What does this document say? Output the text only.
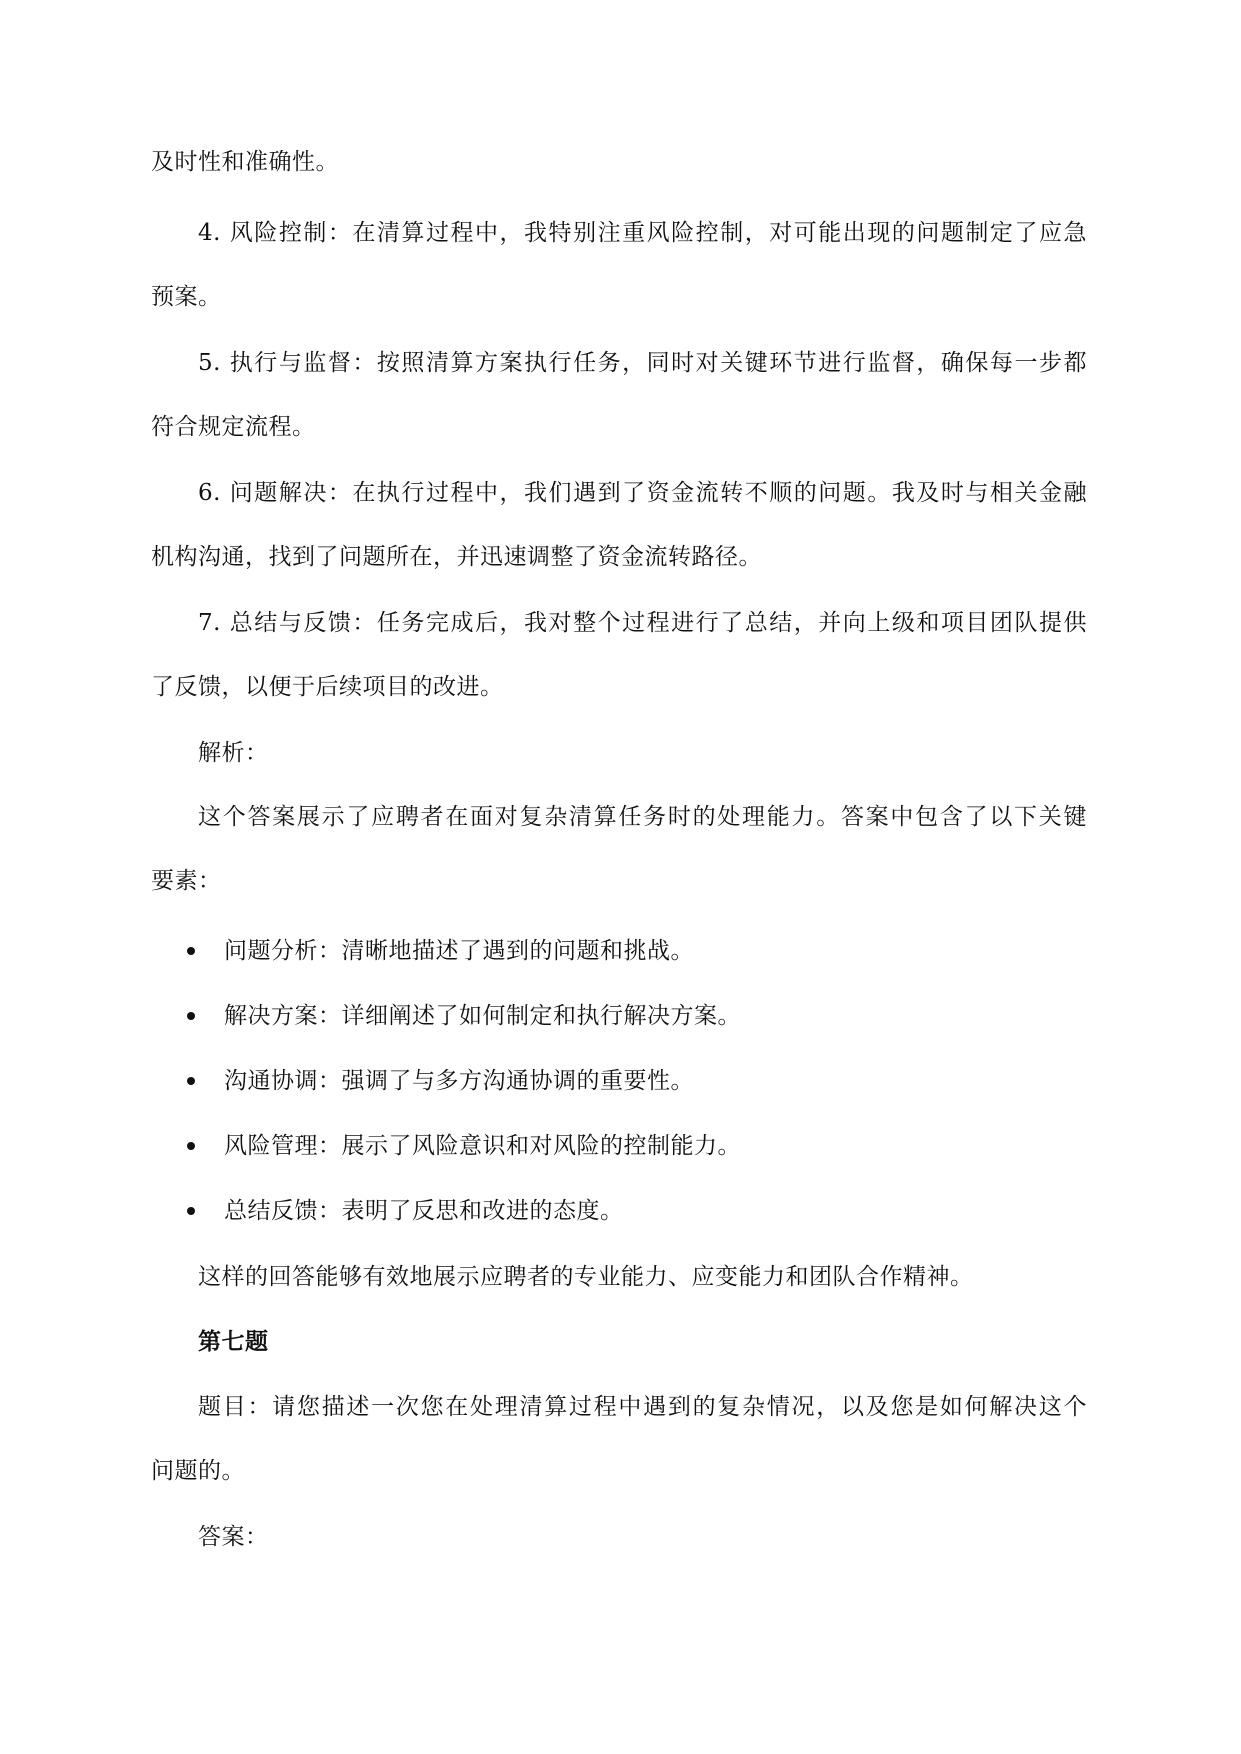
及时性和准确性。
4. 风险控制：在清算过程中，我特别注重风险控制，对可能出现的问题制定了应急
预案。
5. 执行与监督：按照清算方案执行任务，同时对关键环节进行监督，确保每一步都
符合规定流程。
6. 问题解决：在执行过程中，我们遇到了资金流转不顺的问题。我及时与相关金融
机构沟通，找到了问题所在，并迅速调整了资金流转路径。
7. 总结与反馈：任务完成后，我对整个过程进行了总结，并向上级和项目团队提供
了反馈，以便于后续项目的改进。
解析：
这个答案展示了应聘者在面对复杂清算任务时的处理能力。答案中包含了以下关键
要素：
问题分析：清晰地描述了遇到的问题和挑战。
解决方案：详细阐述了如何制定和执行解决方案。
沟通协调：强调了与多方沟通协调的重要性。
风险管理：展示了风险意识和对风险的控制能力。
总结反馈：表明了反思和改进的态度。
这样的回答能够有效地展示应聘者的专业能力、应变能力和团队合作精神。
第七题
题目：请您描述一次您在处理清算过程中遇到的复杂情况，以及您是如何解决这个
问题的。
答案：
